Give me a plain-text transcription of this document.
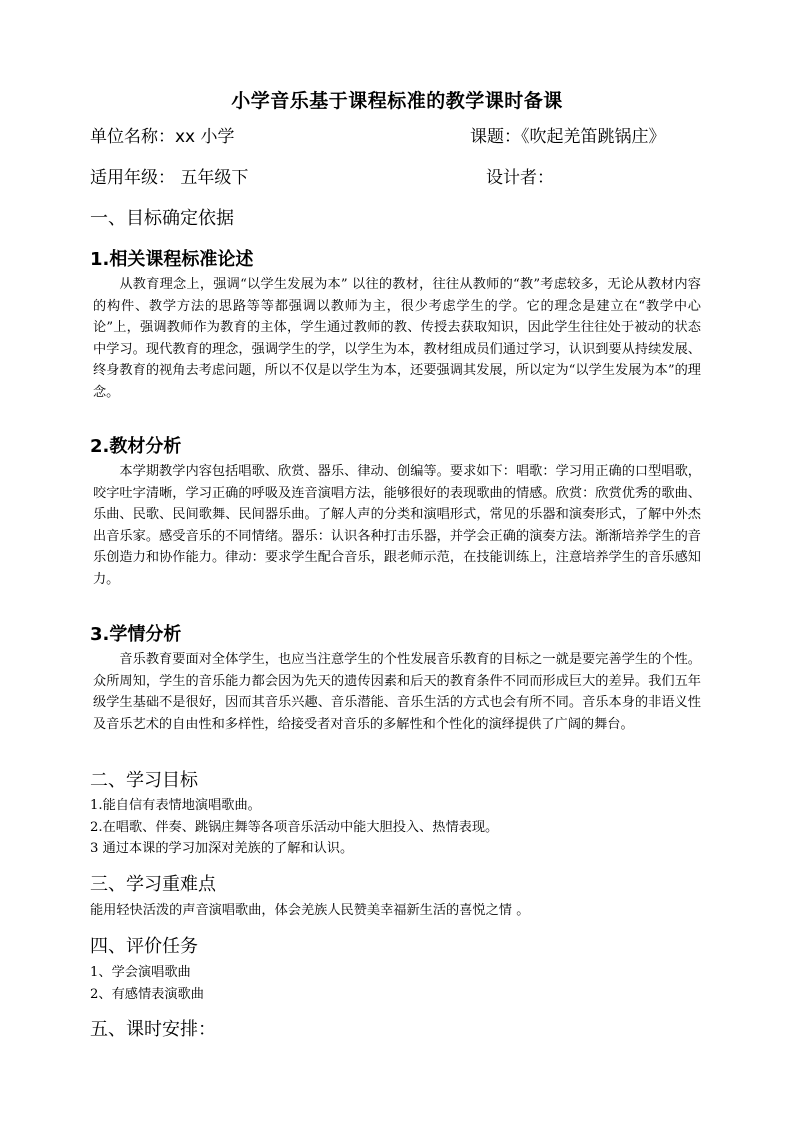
小学音乐基于课程标准的教学课时备课
单位名称：xx 小学	课题：《吹起羌笛跳锅庄》
适用年级： 五年级下	设计者：
一、目标确定依据
1.相关课程标准论述
从教育理念上，强调“以学生发展为本” 以往的教材，往往从教师的“教”考虑较多，无论从教材内容的构件、教学方法的思路等等都强调以教师为主，很少考虑学生的学。它的理念是建立在“教学中心论”上，强调教师作为教育的主体，学生通过教师的教、传授去获取知识，因此学生往往处于被动的状态中学习。现代教育的理念，强调学生的学，以学生为本，教材组成员们通过学习，认识到要从持续发展、终身教育的视角去考虑问题，所以不仅是以学生为本，还要强调其发展，所以定为“以学生发展为本”的理念。
2.教材分析
本学期教学内容包括唱歌、欣赏、器乐、律动、创编等。要求如下：唱歌：学习用正确的口型唱歌，咬字吐字清晰，学习正确的呼吸及连音演唱方法，能够很好的表现歌曲的情感。欣赏：欣赏优秀的歌曲、乐曲、民歌、民间歌舞、民间器乐曲。了解人声的分类和演唱形式，常见的乐器和演奏形式，了解中外杰出音乐家。感受音乐的不同情绪。器乐：认识各种打击乐器，并学会正确的演奏方法。渐渐培养学生的音乐创造力和协作能力。律动：要求学生配合音乐，跟老师示范，在技能训练上，注意培养学生的音乐感知力。
3.学情分析
音乐教育要面对全体学生，也应当注意学生的个性发展音乐教育的目标之一就是要完善学生的个性。众所周知，学生的音乐能力都会因为先天的遗传因素和后天的教育条件不同而形成巨大的差异。我们五年级学生基础不是很好，因而其音乐兴趣、音乐潜能、音乐生活的方式也会有所不同。音乐本身的非语义性及音乐艺术的自由性和多样性，给接受者对音乐的多解性和个性化的演绎提供了广阔的舞台。
二、学习目标
1.能自信有表情地演唱歌曲。
2.在唱歌、伴奏、跳锅庄舞等各项音乐活动中能大胆投入、热情表现。
3 通过本课的学习加深对羌族的了解和认识。
三、学习重难点
能用轻快活泼的声音演唱歌曲，体会羌族人民赞美幸福新生活的喜悦之情 。
四、评价任务
1、学会演唱歌曲
2、有感情表演歌曲
五、课时安排：
